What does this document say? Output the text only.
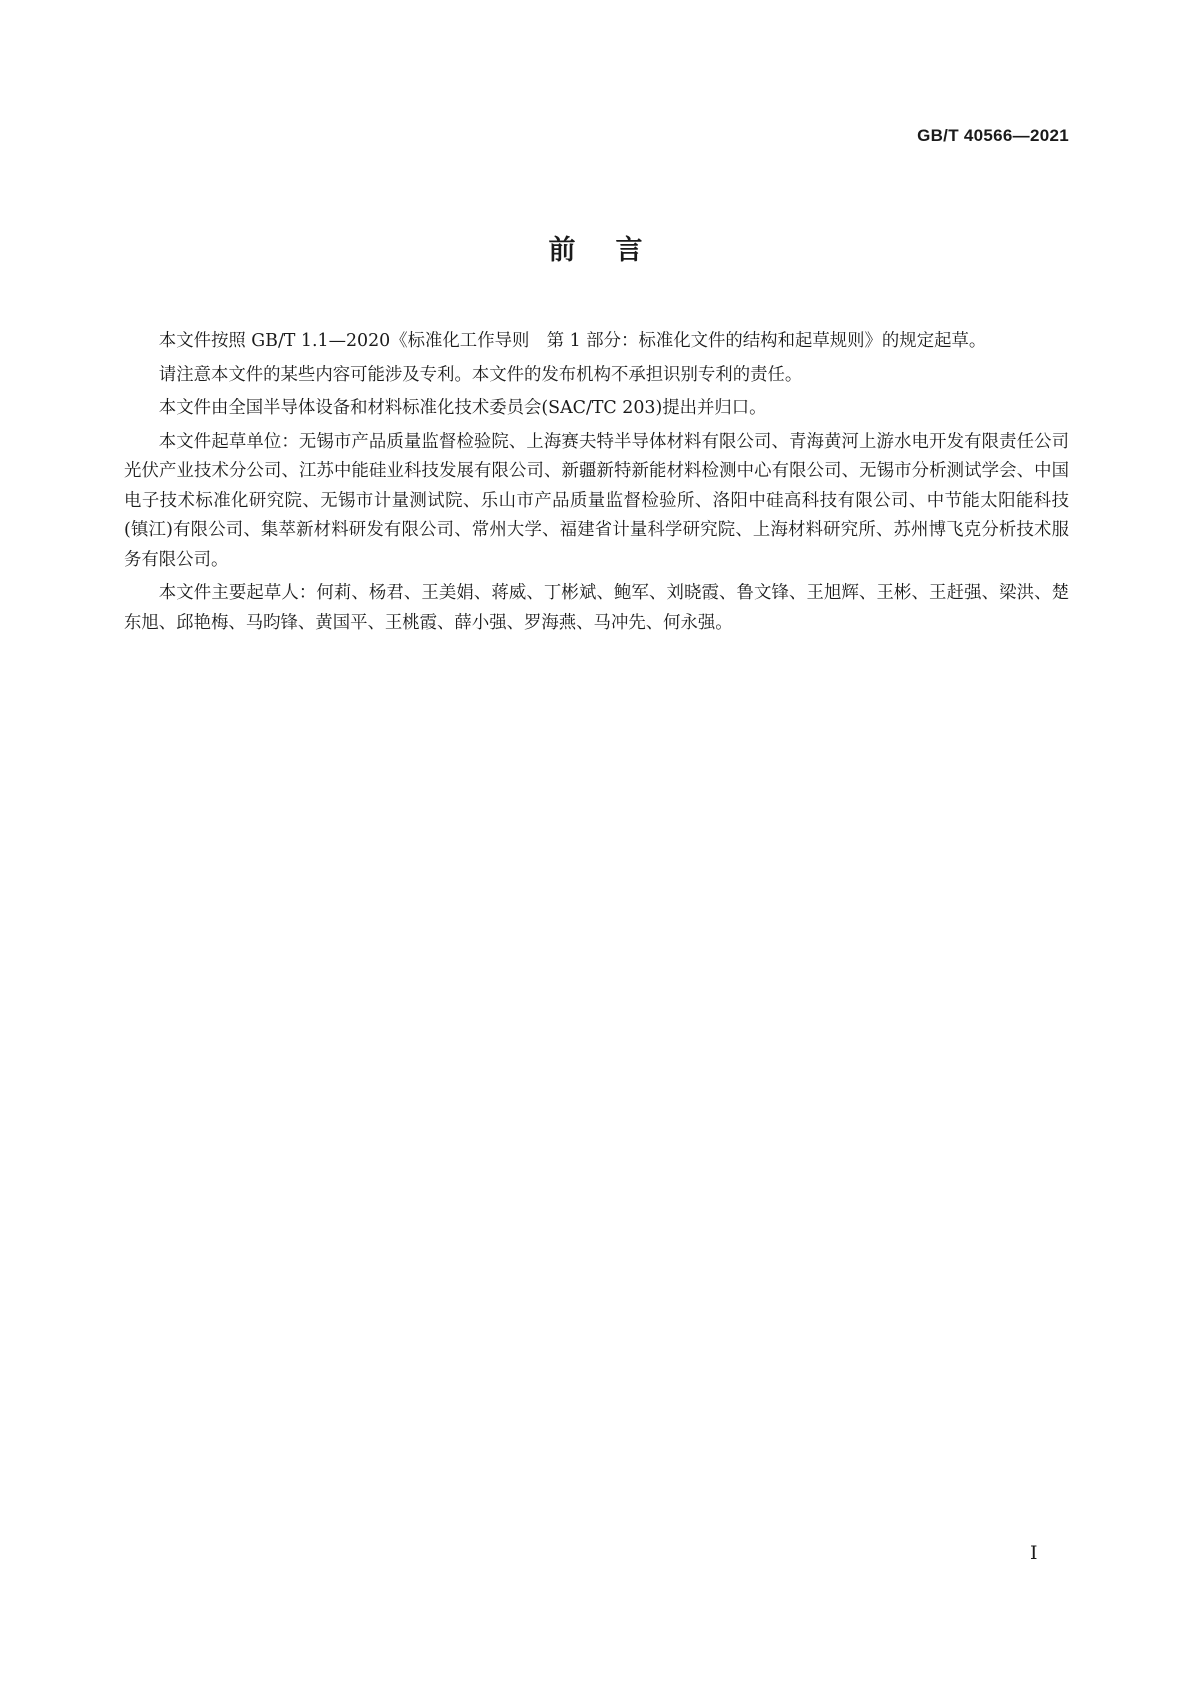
GB/T 40566—2021
前言

本文件按照 GB/T 1.1—2020《标准化工作导则　第 1 部分：标准化文件的结构和起草规则》的规定起草。

请注意本文件的某些内容可能涉及专利。本文件的发布机构不承担识别专利的责任。

本文件由全国半导体设备和材料标准化技术委员会(SAC/TC 203)提出并归口。

本文件起草单位：无锡市产品质量监督检验院、上海赛夫特半导体材料有限公司、青海黄河上游水电开发有限责任公司光伏产业技术分公司、江苏中能硅业科技发展有限公司、新疆新特新能材料检测中心有限公司、无锡市分析测试学会、中国电子技术标准化研究院、无锡市计量测试院、乐山市产品质量监督检验所、洛阳中硅高科技有限公司、中节能太阳能科技(镇江)有限公司、集萃新材料研发有限公司、常州大学、福建省计量科学研究院、上海材料研究所、苏州博飞克分析技术服务有限公司。

本文件主要起草人：何莉、杨君、王美娟、蒋威、丁彬斌、鲍军、刘晓霞、鲁文锋、王旭辉、王彬、王赶强、梁洪、楚东旭、邱艳梅、马昀锋、黄国平、王桃霞、薛小强、罗海燕、马冲先、何永强。

I
